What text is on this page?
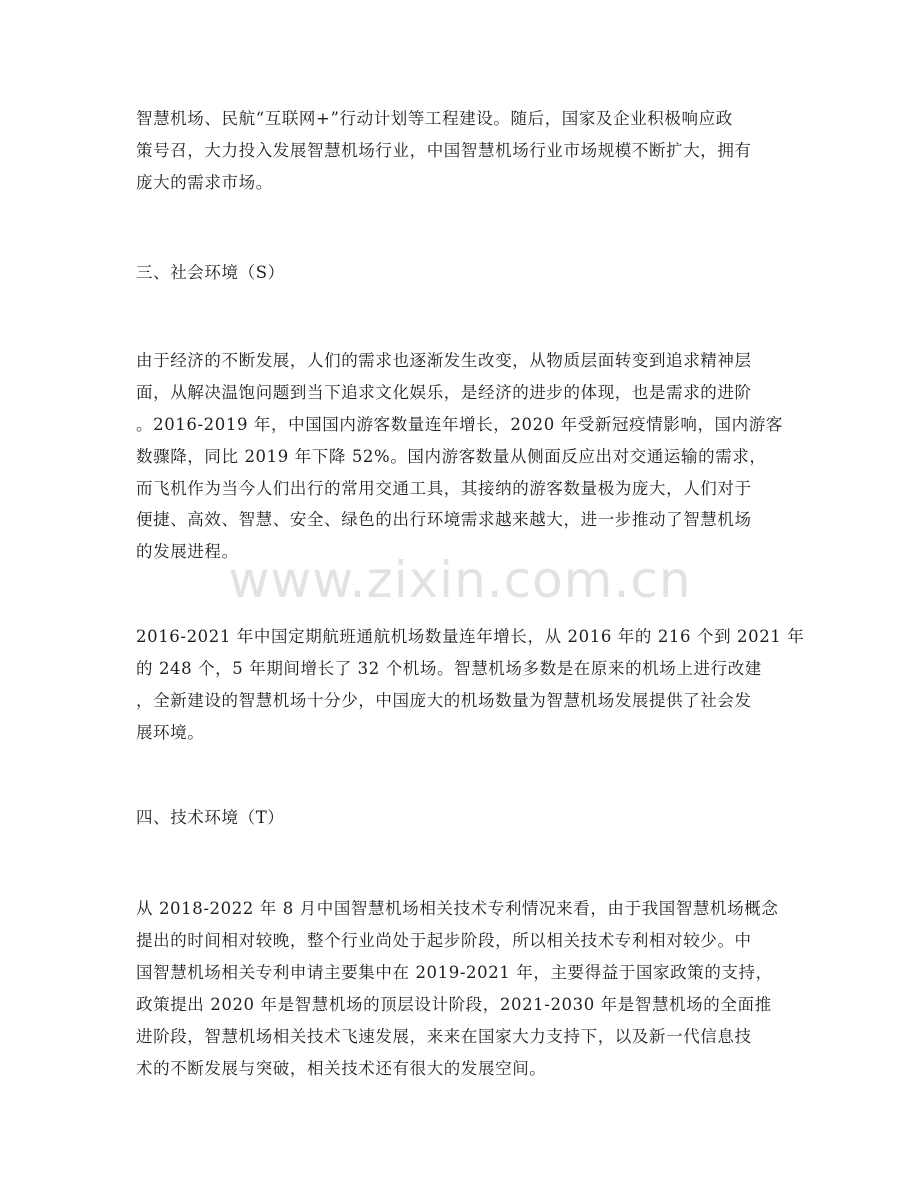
智慧机场、民航“互联网+”行动计划等工程建设。随后，国家及企业积极响应政
策号召，大力投入发展智慧机场行业，中国智慧机场行业市场规模不断扩大，拥有
庞大的需求市场。
三、社会环境（S）
由于经济的不断发展，人们的需求也逐渐发生改变，从物质层面转变到追求精神层
面，从解决温饱问题到当下追求文化娱乐，是经济的进步的体现，也是需求的进阶
。2016-2019 年，中国国内游客数量连年增长，2020 年受新冠疫情影响，国内游客
数骤降，同比 2019 年下降 52%。国内游客数量从侧面反应出对交通运输的需求，
而飞机作为当今人们出行的常用交通工具，其接纳的游客数量极为庞大，人们对于
便捷、高效、智慧、安全、绿色的出行环境需求越来越大，进一步推动了智慧机场
的发展进程。
www.zixin.com.cn
2016-2021 年中国定期航班通航机场数量连年增长，从 2016 年的 216 个到 2021 年
的 248 个，5 年期间增长了 32 个机场。智慧机场多数是在原来的机场上进行改建
，全新建设的智慧机场十分少，中国庞大的机场数量为智慧机场发展提供了社会发
展环境。
四、技术环境（T）
从 2018-2022 年 8 月中国智慧机场相关技术专利情况来看，由于我国智慧机场概念
提出的时间相对较晚，整个行业尚处于起步阶段，所以相关技术专利相对较少。中
国智慧机场相关专利申请主要集中在 2019-2021 年，主要得益于国家政策的支持，
政策提出 2020 年是智慧机场的顶层设计阶段，2021-2030 年是智慧机场的全面推
进阶段，智慧机场相关技术飞速发展，来来在国家大力支持下，以及新一代信息技
术的不断发展与突破，相关技术还有很大的发展空间。
